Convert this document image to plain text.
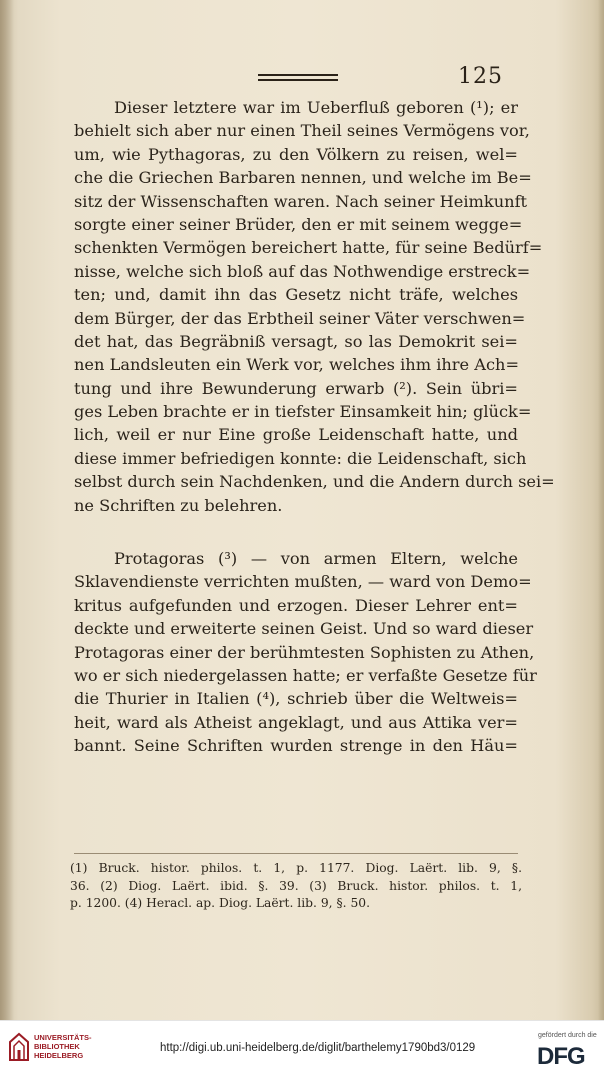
125
Dieser letztere war im Ueberfluß geboren (¹); er
behielt sich aber nur einen Theil seines Vermögens vor,
um, wie Pythagoras, zu den Völkern zu reisen, wel=
che die Griechen Barbaren nennen, und welche im Be=
sitz der Wissenschaften waren. Nach seiner Heimkunft
sorgte einer seiner Brüder, den er mit seinem wegge=
schenkten Vermögen bereichert hatte, für seine Bedürf=
nisse, welche sich bloß auf das Nothwendige erstreck=
ten; und, damit ihn das Gesetz nicht träfe, welches
dem Bürger, der das Erbtheil seiner Väter verschwen=
det hat, das Begräbniß versagt, so las Demokrit sei=
nen Landsleuten ein Werk vor, welches ihm ihre Ach=
tung und ihre Bewunderung erwarb (²). Sein übri=
ges Leben brachte er in tiefster Einsamkeit hin; glück=
lich, weil er nur Eine große Leidenschaft hatte, und
diese immer befriedigen konnte: die Leidenschaft, sich
selbst durch sein Nachdenken, und die Andern durch sei=
ne Schriften zu belehren.
Protagoras (³) — von armen Eltern, welche
Sklavendienste verrichten mußten, — ward von Demo=
kritus aufgefunden und erzogen. Dieser Lehrer ent=
deckte und erweiterte seinen Geist. Und so ward dieser
Protagoras einer der berühmtesten Sophisten zu Athen,
wo er sich niedergelassen hatte; er verfaßte Gesetze für
die Thurier in Italien (⁴), schrieb über die Weltweis=
heit, ward als Atheist angeklagt, und aus Attika ver=
bannt. Seine Schriften wurden strenge in den Häu=
(1) Bruck. histor. philos. t. 1, p. 1177. Diog. Laërt. lib. 9, §.
36. (2) Diog. Laërt. ibid. §. 39. (3) Bruck. histor. philos. t. 1,
p. 1200. (4) Heracl. ap. Diog. Laërt. lib. 9, §. 50.
UNIVERSITÄTS-
BIBLIOTHEK
HEIDELBERG
http://digi.ub.uni-heidelberg.de/diglit/barthelemy1790bd3/0129
gefördert durch die
DFG
